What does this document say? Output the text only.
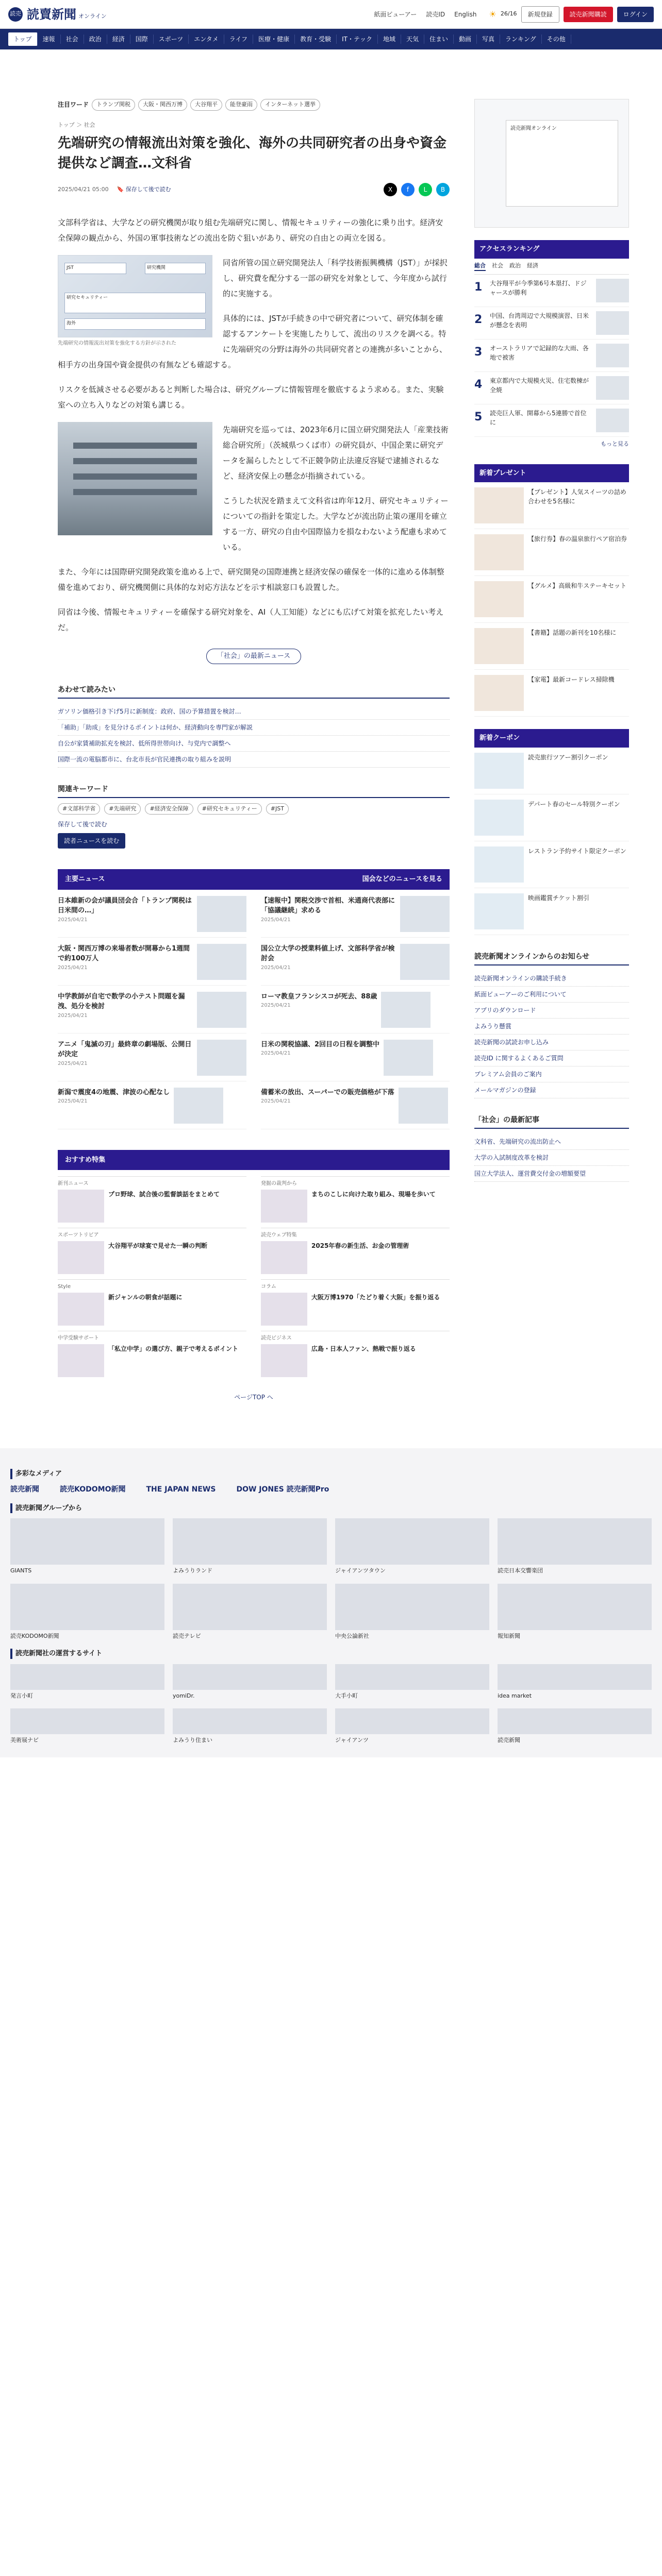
読売 読賣新聞 オンライン	紙面ビューアー 読売ID English ☀ 26/16	新規登録	読売新聞購読	ログイン
トップ	速報	社会	政治	経済	国際	スポーツ	エンタメ	ライフ	医療・健康	教育・受験	IT・テック	地域	天気	住まい	動画	写真	ランキング	その他
注目ワード	トランプ関税	大阪・関西万博	大谷翔平	能登豪雨	インターネット選挙
トップ ＞ 社会
先端研究の情報流出対策を強化、海外の共同研究者の出身や資金提供など調査…文科省
2025/04/21 05:00 🔖 保存して後で読む	X	f	L	B

文部科学省は、大学などの研究機関が取り組む先端研究に関し、情報セキュリティーの強化に乗り出す。経済安全保障の観点から、外国の軍事技術などの流出を防ぐ狙いがあり、研究の自由との両立を図る。

JST	研究機関
研究セキュリティー
海外
先端研究の情報流出対策を強化する方針が示された

同省所管の国立研究開発法人「科学技術振興機構（JST）」が採択し、研究費を配分する一部の研究を対象として、今年度から試行的に実施する。

具体的には、JSTが手続きの中で研究者について、研究体制を確認するアンケートを実施したりして、流出のリスクを調べる。特に先端研究の分野は海外の共同研究者との連携が多いことから、相手方の出身国や資金提供の有無なども確認する。

リスクを低減させる必要があると判断した場合は、研究グループに情報管理を徹底するよう求める。また、実験室への立ち入りなどの対策も講じる。

先端研究を巡っては、2023年6月に国立研究開発法人「産業技術総合研究所」（茨城県つくば市）の研究員が、中国企業に研究データを漏らしたとして不正競争防止法違反容疑で逮捕されるなど、経済安保上の懸念が指摘されている。

こうした状況を踏まえて文科省は昨年12月、研究セキュリティーについての指針を策定した。大学などが流出防止策の運用を確立する一方、研究の自由や国際協力を損なわないよう配慮も求めている。

また、今年には国際研究開発政策を進める上で、研究開発の国際連携と経済安保の確保を一体的に進める体制整備を進めており、研究機関側に具体的な対応方法などを示す相談窓口も設置した。

同省は今後、情報セキュリティーを確保する研究対象を、AI（人工知能）などにも広げて対策を拡充したい考えだ。

「社会」の最新ニュース
あわせて読みたい
ガソリン価格引き下げ5月に新制度：政府、国の予算措置を検討…
「補助」「助成」を見分けるポイントは何か、経済動向を専門家が解説
自公が家賃補助拡充を検討、低所得世帯向け、与党内で調整へ
国際一流の電脳都市に、台北市長が官民連携の取り組みを説明
関連キーワード
#文部科学省	#先端研究	#経済安全保障	#研究セキュリティー	#JST
保存して後で読む
読者ニュースを読む
主要ニュース	国会などのニュースを見る
日本維新の会が議員団会合「トランプ関税は日米間の…」
2025/04/21
【速報中】関税交渉で首相、米通商代表部に「協議継続」求める
2025/04/21
大阪・関西万博の来場者数が開幕から1週間で約100万人
2025/04/21
国公立大学の授業料値上げ、文部科学省が検討会
2025/04/21
中学教師が自宅で数学の小テスト問題を漏洩、処分を検討
2025/04/21
ローマ教皇フランシスコが死去、88歳
2025/04/21
アニメ「鬼滅の刃」最終章の劇場版、公開日が決定
2025/04/21
日米の関税協議、2回目の日程を調整中
2025/04/21
新潟で震度4の地震、津波の心配なし
2025/04/21
備蓄米の放出、スーパーでの販売価格が下落
2025/04/21
おすすめ特集
新刊ニュース
プロ野球、試合後の監督談話をまとめて
発掘の裁判から
まちのこしに向けた取り組み、現場を歩いて
スポーツトリビア
大谷翔平が球宴で見せた一瞬の判断
読売ウェブ特集
2025年春の新生活、お金の管理術
Style
新ジャンルの朝食が話題に
コラム
大阪万博1970「たどり着く大阪」を振り返る
中学受験サポート
「私立中学」の選び方、親子で考えるポイント
読売ビジネス
広島・日本人ファン、熱戦で振り返る
ページTOP へ
読売新聞オンライン
アクセスランキング
総合 社会 政治 経済
1	大谷翔平が今季第6号本塁打、ドジャースが勝利
2	中国、台湾周辺で大規模演習、日米が懸念を表明
3	オーストラリアで記録的な大雨、各地で被害
4	東京都内で大規模火災、住宅数棟が全焼
5	読売巨人軍、開幕から5連勝で首位に
もっと見る
新着プレゼント
【プレゼント】人気スイーツの詰め合わせを5名様に
【旅行券】春の温泉旅行ペア宿泊券
【グルメ】高級和牛ステーキセット
【書籍】話題の新刊を10名様に
【家電】最新コードレス掃除機
新着クーポン
読売旅行ツアー割引クーポン
デパート春のセール特別クーポン
レストラン予約サイト限定クーポン
映画鑑賞チケット割引
読売新聞オンラインからのお知らせ
読売新聞オンラインの購読手続き
紙面ビューアーのご利用について
アプリのダウンロード
よみうり懸賞
読売新聞の試読お申し込み
読売ID に関するよくあるご質問
プレミアム会員のご案内
メールマガジンの登録
「社会」の最新記事
文科省、先端研究の流出防止へ
大学の入試制度改革を検討
国立大学法人、運営費交付金の増額要望
多彩なメディア
読売新聞	読売KODOMO新聞	THE JAPAN NEWS	DOW JONES 読売新聞Pro
読売新聞グループから
GIANTS	よみうりランド	ジャイアンツタウン	読売日本交響楽団
読売KODOMO新聞	読売テレビ	中央公論新社	報知新聞
読売新聞社の運営するサイト
発言小町	yomiDr.	大手小町	idea market
美術展ナビ	よみうり住まい	ジャイアンツ	読売新聞
